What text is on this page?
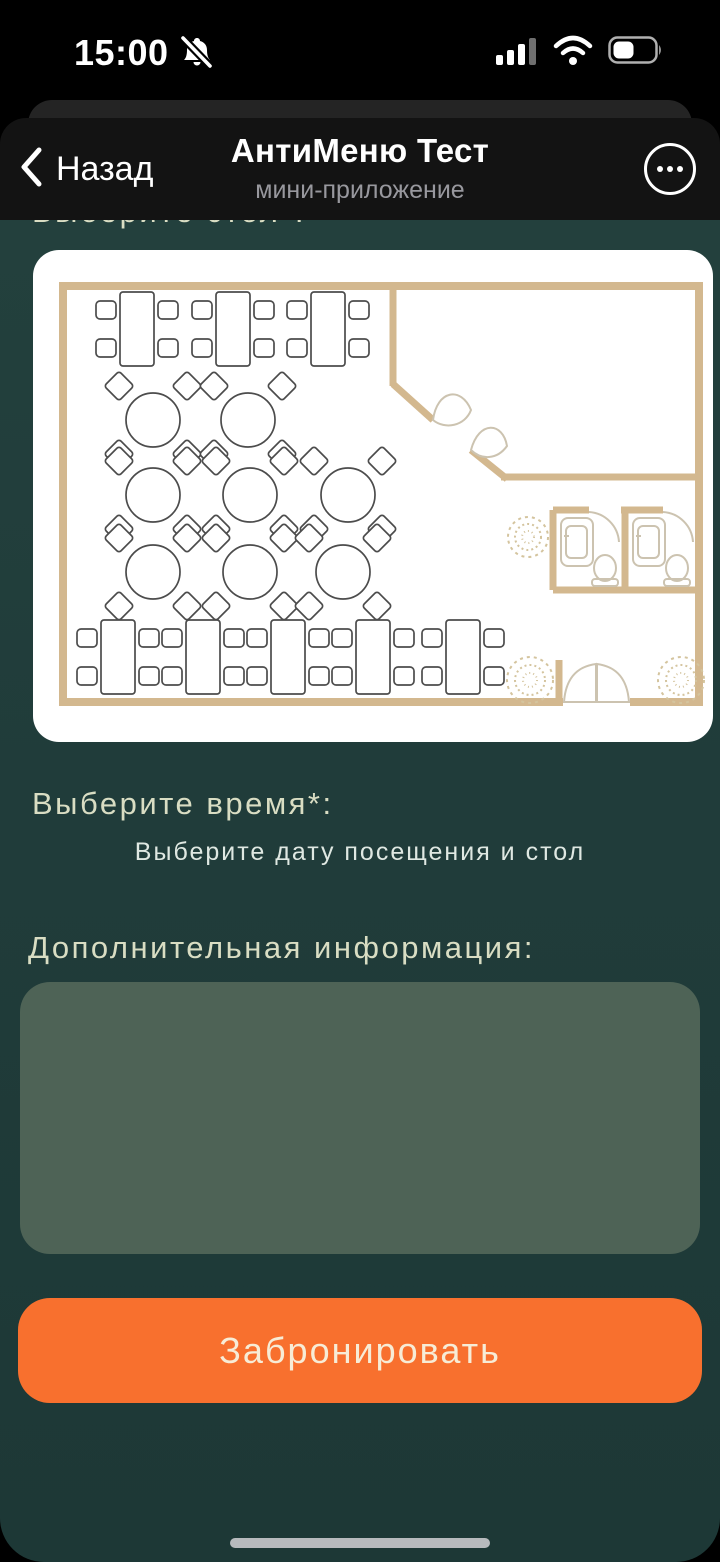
15:00
Назад	АнтиМеню Тест
мини-приложение
Выберите время*:
Выберите дату посещения и стол
Дополнительная информация:
Забронировать
